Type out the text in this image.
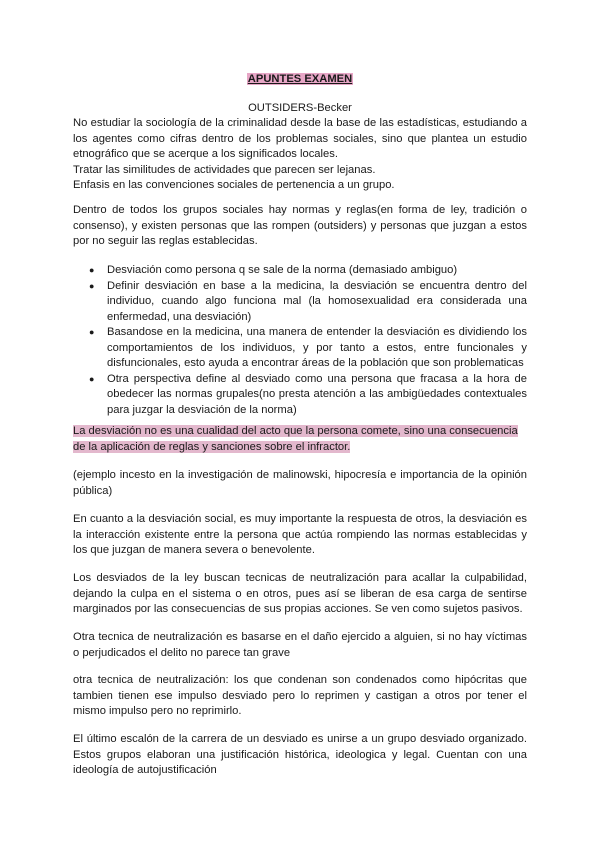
APUNTES EXAMEN
OUTSIDERS-Becker
No estudiar la sociología de la criminalidad desde la base de las estadísticas, estudiando a los agentes como cifras dentro de los problemas sociales, sino que plantea un estudio etnográfico que se acerque a los significados locales.
Tratar las similitudes de actividades que parecen ser lejanas.
Enfasis en las convenciones sociales de pertenencia a un grupo.
Dentro de todos los grupos sociales hay normas y reglas(en forma de ley, tradición o consenso), y existen personas que las rompen (outsiders) y personas que juzgan a estos por no seguir las reglas establecidas.
● Desviación como persona q se sale de la norma (demasiado ambiguo)
● Definir desviación en base a la medicina, la desviación se encuentra dentro del individuo, cuando algo funciona mal (la homosexualidad era considerada una enfermedad, una desviación)
● Basandose en la medicina, una manera de entender la desviación es dividiendo los comportamientos de los individuos, y por tanto a estos, entre funcionales y disfuncionales, esto ayuda a encontrar áreas de la población que son problematicas
● Otra perspectiva define al desviado como una persona que fracasa a la hora de obedecer las normas grupales(no presta atención a las ambigüedades contextuales para juzgar la desviación de la norma)
La desviación no es una cualidad del acto que la persona comete, sino una consecuencia
de la aplicación de reglas y sanciones sobre el infractor.
(ejemplo incesto en la investigación de malinowski, hipocresía e importancia de la opinión pública)
En cuanto a la desviación social, es muy importante la respuesta de otros, la desviación es la interacción existente entre la persona que actúa rompiendo las normas establecidas y los que juzgan de manera severa o benevolente.
Los desviados de la ley buscan tecnicas de neutralización para acallar la culpabilidad, dejando la culpa en el sistema o en otros, pues así se liberan de esa carga de sentirse marginados por las consecuencias de sus propias acciones. Se ven como sujetos pasivos.
Otra tecnica de neutralización es basarse en el daño ejercido a alguien, si no hay víctimas o perjudicados el delito no parece tan grave
otra tecnica de neutralización: los que condenan son condenados como hipócritas que tambien tienen ese impulso desviado pero lo reprimen y castigan a otros por tener el mismo impulso pero no reprimirlo.
El último escalón de la carrera de un desviado es unirse a un grupo desviado organizado. Estos grupos elaboran una justificación histórica, ideologica y legal. Cuentan con una ideología de autojustificación
